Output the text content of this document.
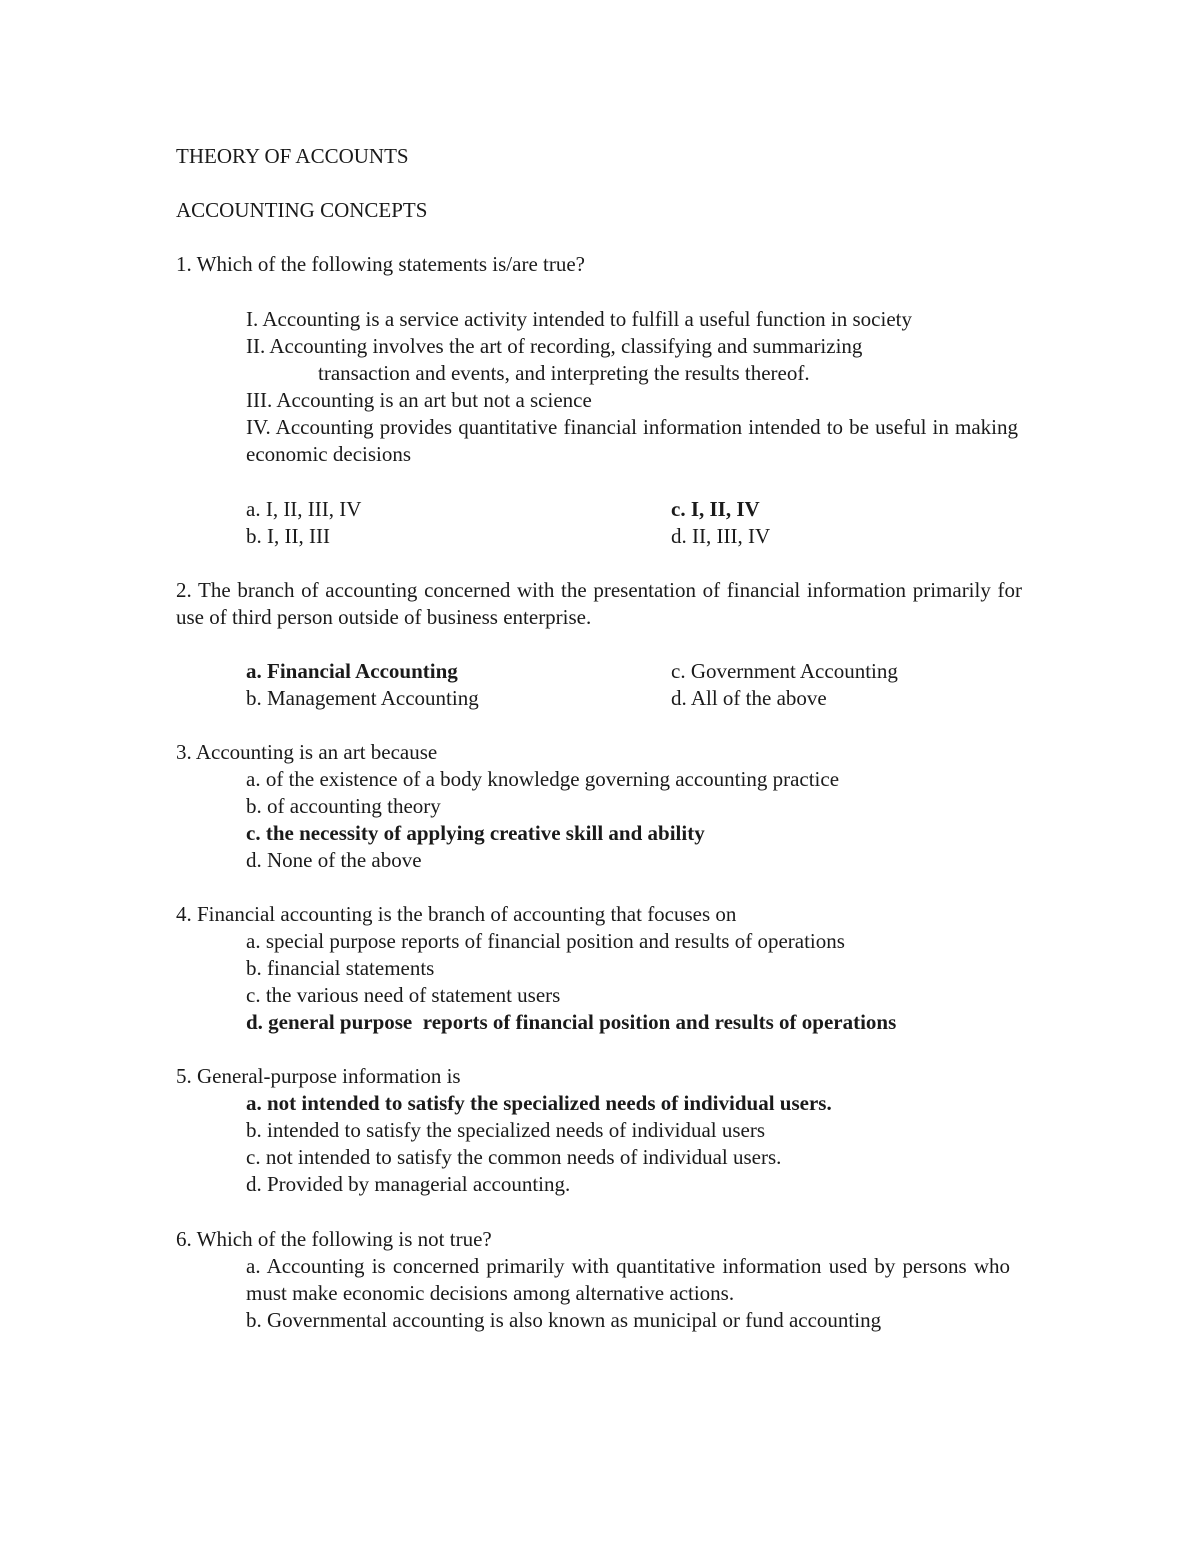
THEORY OF ACCOUNTS
ACCOUNTING CONCEPTS
1. Which of the following statements is/are true?
I. Accounting is a service activity intended to fulfill a useful function in society
II. Accounting involves the art of recording, classifying and summarizing
transaction and events, and interpreting the results thereof.
III. Accounting is an art but not a science
IV. Accounting provides quantitative financial information intended to be useful in making economic decisions
a. I, II, III, IV	c. I, II, IV
b. I, II, III	d. II, III, IV
2. The branch of accounting concerned with the presentation of financial information primarily for use of third person outside of business enterprise.
a. Financial Accounting	c. Government Accounting
b. Management Accounting	d. All of the above
3. Accounting is an art because
a. of the existence of a body knowledge governing accounting practice
b. of accounting theory
c. the necessity of applying creative skill and ability
d. None of the above
4. Financial accounting is the branch of accounting that focuses on
a. special purpose reports of financial position and results of operations
b. financial statements
c. the various need of statement users
d. general purpose  reports of financial position and results of operations
5. General-purpose information is
a. not intended to satisfy the specialized needs of individual users.
b. intended to satisfy the specialized needs of individual users
c. not intended to satisfy the common needs of individual users.
d. Provided by managerial accounting.
6. Which of the following is not true?
a. Accounting is concerned primarily with quantitative information used by persons who must make economic decisions among alternative actions.
b. Governmental accounting is also known as municipal or fund accounting
